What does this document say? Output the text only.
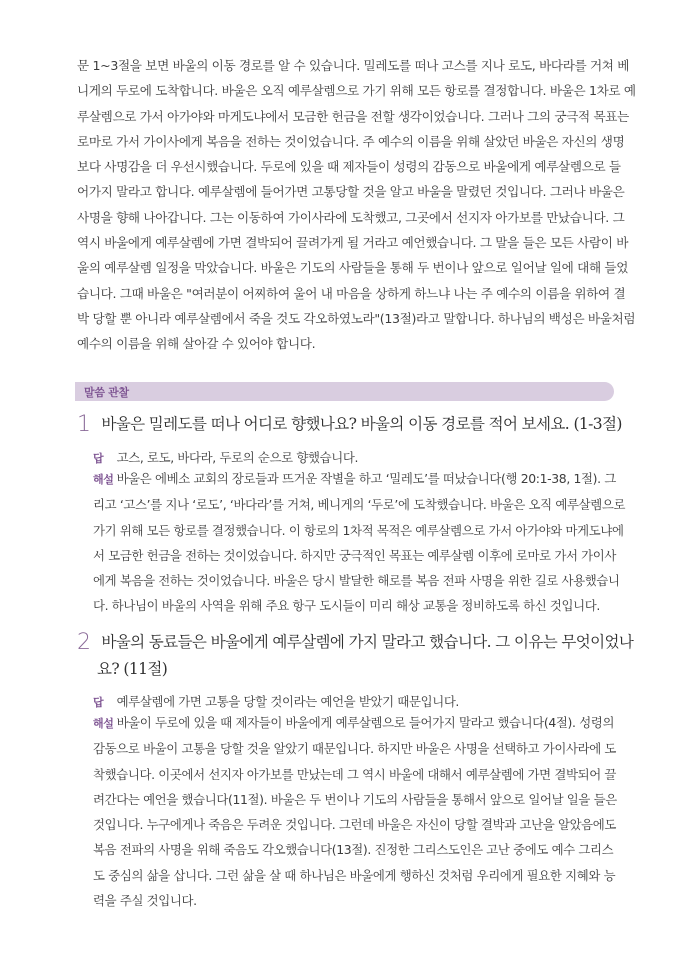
문 1~3절을 보면 바울의 이동 경로를 알 수 있습니다. 밀레도를 떠나 고스를 지나 로도, 바다라를 거쳐 베
니게의 두로에 도착합니다. 바울은 오직 예루살렘으로 가기 위해 모든 항로를 결정합니다. 바울은 1차로 예
루살렘으로 가서 아가야와 마게도냐에서 모금한 헌금을 전할 생각이었습니다. 그러나 그의 궁극적 목표는
로마로 가서 가이사에게 복음을 전하는 것이었습니다. 주 예수의 이름을 위해 살았던 바울은 자신의 생명
보다 사명감을 더 우선시했습니다. 두로에 있을 때 제자들이 성령의 감동으로 바울에게 예루살렘으로 들
어가지 말라고 합니다. 예루살렘에 들어가면 고통당할 것을 알고 바울을 말렸던 것입니다. 그러나 바울은
사명을 향해 나아갑니다. 그는 이동하여 가이사라에 도착했고, 그곳에서 선지자 아가보를 만났습니다. 그
역시 바울에게 예루살렘에 가면 결박되어 끌려가게 될 거라고 예언했습니다. 그 말을 들은 모든 사람이 바
울의 예루살렘 일정을 막았습니다. 바울은 기도의 사람들을 통해 두 번이나 앞으로 일어날 일에 대해 들었
습니다. 그때 바울은 "여러분이 어찌하여 울어 내 마음을 상하게 하느냐 나는 주 예수의 이름을 위하여 결
박 당할 뿐 아니라 예루살렘에서 죽을 것도 각오하였노라"(13절)라고 말합니다. 하나님의 백성은 바울처럼
예수의 이름을 위해 살아갈 수 있어야 합니다.
말씀 관찰
1 바울은 밀레도를 떠나 어디로 향했나요? 바울의 이동 경로를 적어 보세요. (1-3절)
답 고스, 로도, 바다라, 두로의 순으로 향했습니다.
해설 바울은 에베소 교회의 장로들과 뜨거운 작별을 하고 ‘밀레도’를 떠났습니다(행 20:1-38, 1절). 그
리고 ‘고스’를 지나 ‘로도’, ‘바다라’를 거쳐, 베니게의 ‘두로’에 도착했습니다. 바울은 오직 예루살렘으로
가기 위해 모든 항로를 결정했습니다. 이 항로의 1차적 목적은 예루살렘으로 가서 아가야와 마게도냐에
서 모금한 헌금을 전하는 것이었습니다. 하지만 궁극적인 목표는 예루살렘 이후에 로마로 가서 가이사
에게 복음을 전하는 것이었습니다. 바울은 당시 발달한 해로를 복음 전파 사명을 위한 길로 사용했습니
다. 하나님이 바울의 사역을 위해 주요 항구 도시들이 미리 해상 교통을 정비하도록 하신 것입니다.
2 바울의 동료들은 바울에게 예루살렘에 가지 말라고 했습니다. 그 이유는 무엇이었나
요? (11절)
답 예루살렘에 가면 고통을 당할 것이라는 예언을 받았기 때문입니다.
해설 바울이 두로에 있을 때 제자들이 바울에게 예루살렘으로 들어가지 말라고 했습니다(4절). 성령의
감동으로 바울이 고통을 당할 것을 알았기 때문입니다. 하지만 바울은 사명을 선택하고 가이사라에 도
착했습니다. 이곳에서 선지자 아가보를 만났는데 그 역시 바울에 대해서 예루살렘에 가면 결박되어 끌
려간다는 예언을 했습니다(11절). 바울은 두 번이나 기도의 사람들을 통해서 앞으로 일어날 일을 들은
것입니다. 누구에게나 죽음은 두려운 것입니다. 그런데 바울은 자신이 당할 결박과 고난을 알았음에도
복음 전파의 사명을 위해 죽음도 각오했습니다(13절). 진정한 그리스도인은 고난 중에도 예수 그리스
도 중심의 삶을 삽니다. 그런 삶을 살 때 하나님은 바울에게 행하신 것처럼 우리에게 필요한 지혜와 능
력을 주실 것입니다.
